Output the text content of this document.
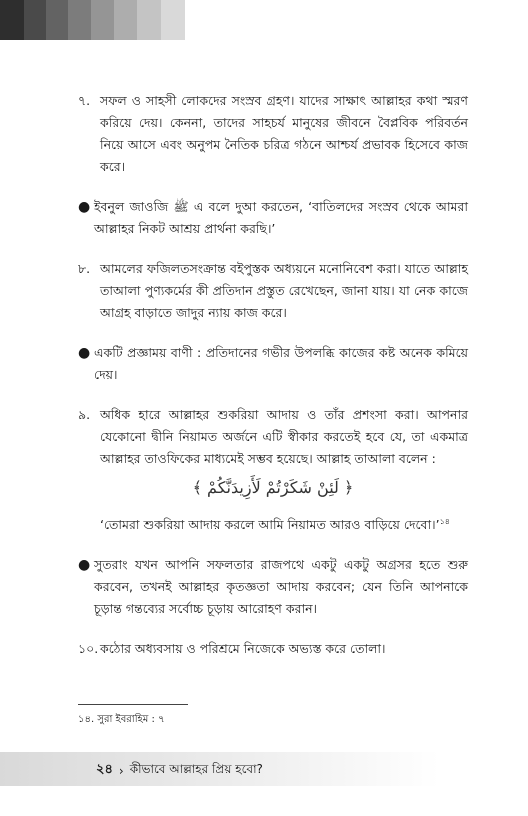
৭. সফল ও সাহসী লোকদের সংস্রব গ্রহণ। যাদের সাক্ষাৎ আল্লাহর কথা স্মরণ করিয়ে দেয়। কেননা, তাদের সাহচর্য মানুষের জীবনে বৈপ্লবিক পরিবর্তন নিয়ে আসে এবং অনুপম নৈতিক চরিত্র গঠনে আশ্চর্য প্রভাবক হিসেবে কাজ করে।
● ইবনুল জাওজি ﷺ এ বলে দুআ করতেন, ‘বাতিলদের সংস্রব থেকে আমরা আল্লাহর নিকট আশ্রয় প্রার্থনা করছি।’
৮. আমলের ফজিলতসংক্রান্ত বইপুস্তক অধ্যয়নে মনোনিবেশ করা। যাতে আল্লাহ তাআলা পুণ্যকর্মের কী প্রতিদান প্রস্তুত রেখেছেন, জানা যায়। যা নেক কাজে আগ্রহ বাড়াতে জাদুর ন্যায় কাজ করে।
● একটি প্রজ্ঞাময় বাণী : প্রতিদানের গভীর উপলব্ধি কাজের কষ্ট অনেক কমিয়ে দেয়।
৯. অধিক হারে আল্লাহর শুকরিয়া আদায় ও তাঁর প্রশংসা করা। আপনার যেকোনো দ্বীনি নিয়ামত অর্জনে এটি স্বীকার করতেই হবে যে, তা একমাত্র আল্লাহর তাওফিকের মাধ্যমেই সম্ভব হয়েছে। আল্লাহ তাআলা বলেন :
﴿ لَئِنْ شَكَرْتُمْ لَأَزِيدَنَّكُمْ ﴾
‘তোমরা শুকরিয়া আদায় করলে আমি নিয়ামত আরও বাড়িয়ে দেবো।’$^{১৪}$
● সুতরাং যখন আপনি সফলতার রাজপথে একটু একটু অগ্রসর হতে শুরু করবেন, তখনই আল্লাহর কৃতজ্ঞতা আদায় করবেন; যেন তিনি আপনাকে চূড়ান্ত গন্তব্যের সর্বোচ্চ চূড়ায় আরোহণ করান।
১০. কঠোর অধ্যবসায় ও পরিশ্রমে নিজেকে অভ্যস্ত করে তোলা।
১৪. সুরা ইবরাহিম : ৭
২৪ › কীভাবে আল্লাহর প্রিয় হবো?
